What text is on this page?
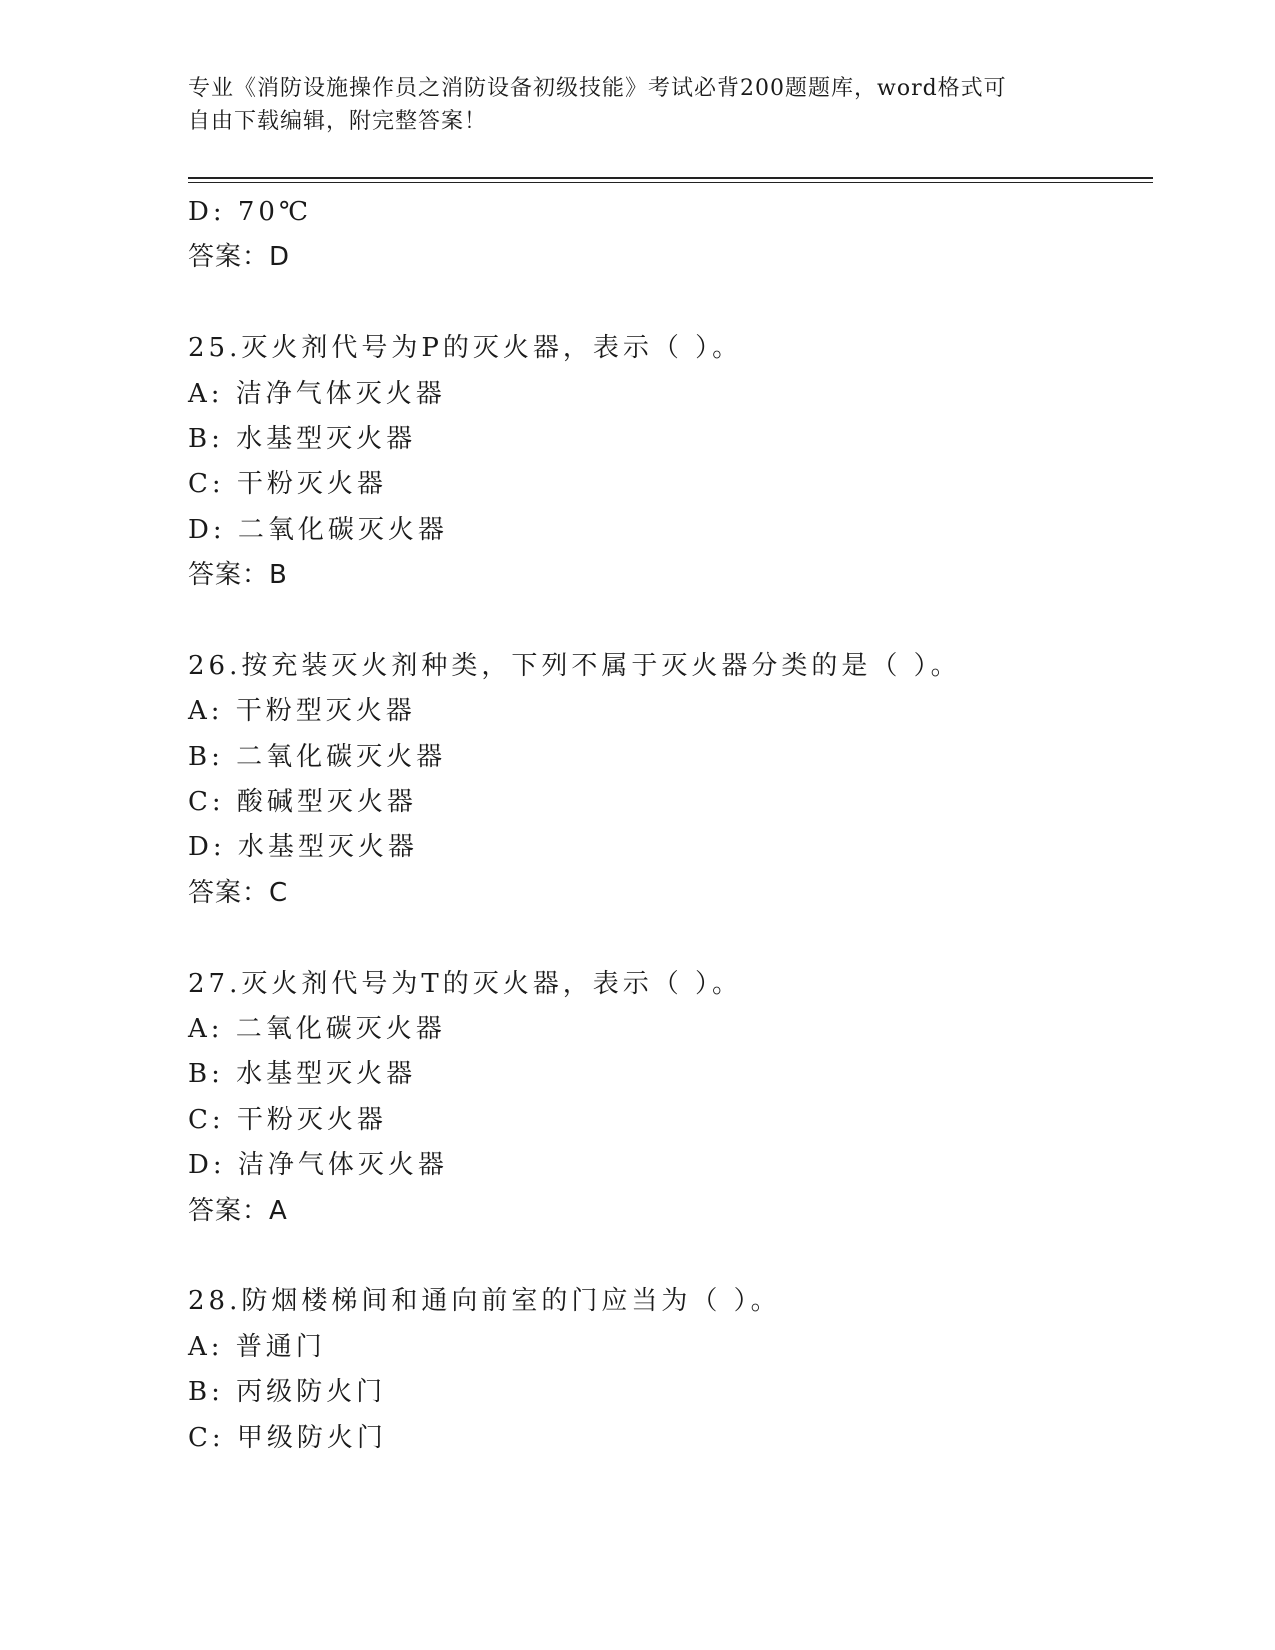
专业《消防设施操作员之消防设备初级技能》考试必背200题题库，word格式可
自由下载编辑，附完整答案！
D: 70℃
答案：D
25.灭火剂代号为P的灭火器，表示（ ）。
A: 洁净气体灭火器
B: 水基型灭火器
C: 干粉灭火器
D: 二氧化碳灭火器
答案：B
26.按充装灭火剂种类，下列不属于灭火器分类的是（ ）。
A: 干粉型灭火器
B: 二氧化碳灭火器
C: 酸碱型灭火器
D: 水基型灭火器
答案：C
27.灭火剂代号为T的灭火器，表示（ ）。
A: 二氧化碳灭火器
B: 水基型灭火器
C: 干粉灭火器
D: 洁净气体灭火器
答案：A
28.防烟楼梯间和通向前室的门应当为（ ）。
A: 普通门
B: 丙级防火门
C: 甲级防火门
